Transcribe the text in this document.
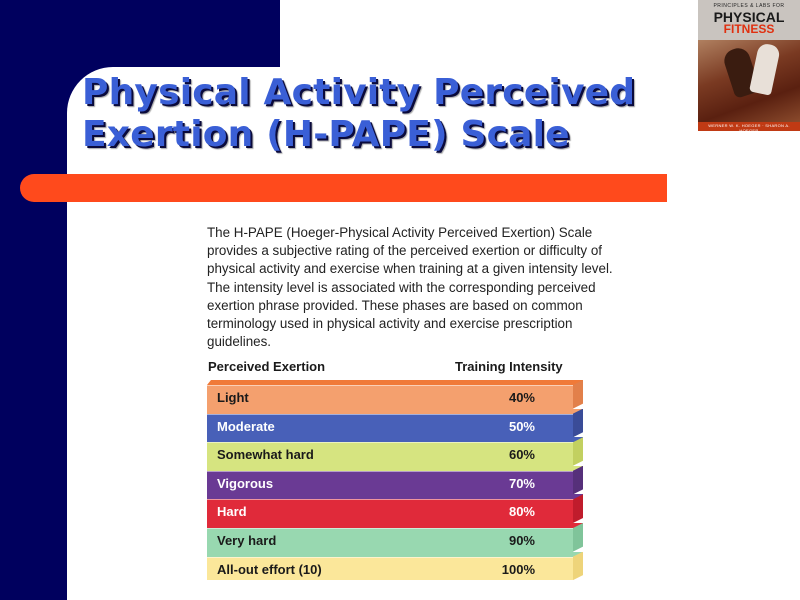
Physical Activity Perceived
Exertion (H-PAPE) Scale
PRINCIPLES & LABS FOR
PHYSICAL
FITNESS
WERNER W. K. HOEGER · SHARON A. HOEGER
The H-PAPE (Hoeger-Physical Activity Perceived Exertion) Scale provides a subjective rating of the perceived exertion or difficulty of physical activity and exercise when training at a given intensity level. The intensity level is associated with the corresponding perceived exertion phrase provided. These phases are based on common terminology used in physical activity and exercise prescription guidelines.
Perceived Exertion	Training Intensity
Light	40%
Moderate	50%
Somewhat hard	60%
Vigorous	70%
Hard	80%
Very hard	90%
All-out effort (10)	100%
